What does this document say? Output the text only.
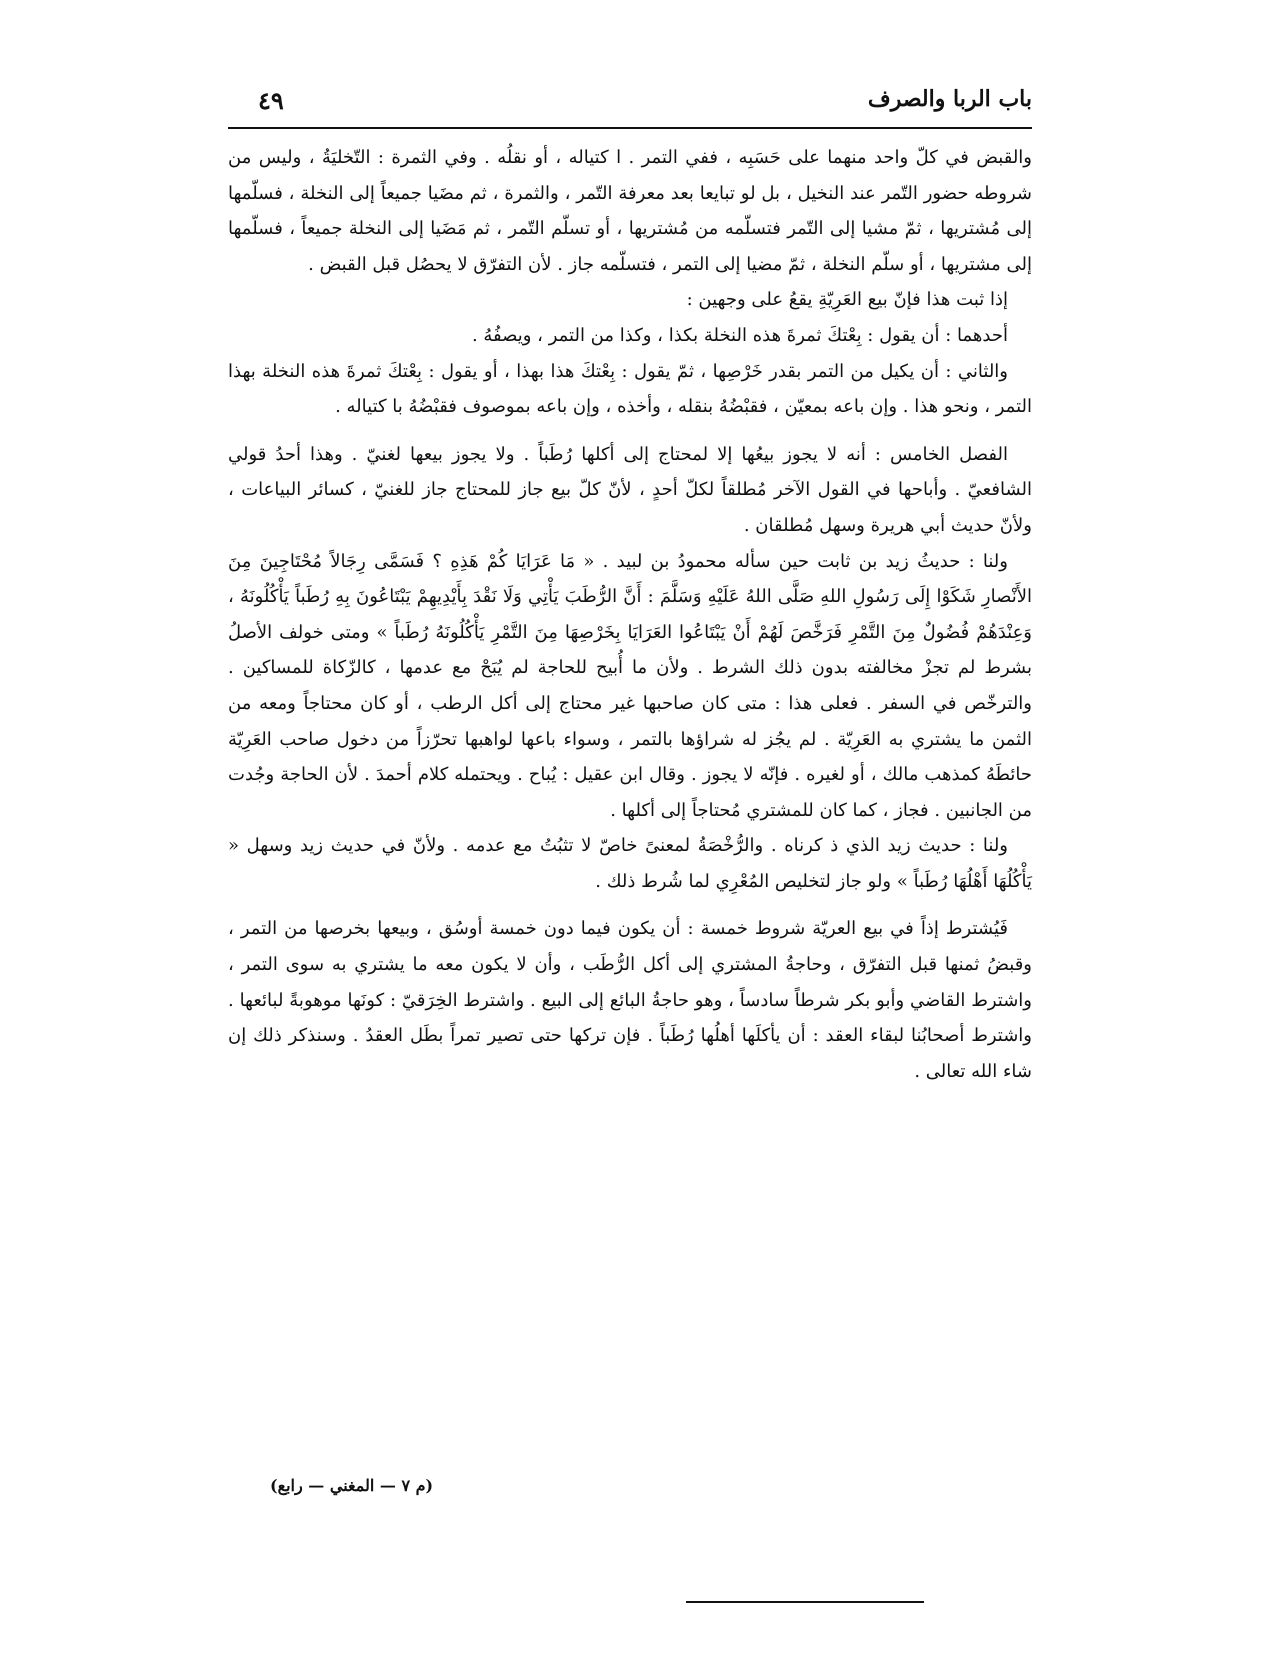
باب الربا والصرف
٤٩

والقبض في كلّ واحد منهما على حَسَبِه ، ففي التمر . ا كتياله ، أو نقلُه . وفي الثمرة : التّخليَةُ ، وليس من شروطه حضور التّمر عند النخيل ، بل لو تبايعا بعد معرفة التّمر ، والثمرة ، ثم مضَيا جميعاً إلى النخلة ، فسلّمها إلى مُشتريها ، ثمّ مشيا إلى التّمر فتسلّمه من مُشتريها ، أو تسلّم التّمر ، ثم مَضَيا إلى النخلة جميعاً ، فسلّمها إلى مشتريها ، أو سلّم النخلة ، ثمّ مضيا إلى التمر ، فتسلّمه جاز . لأن التفرّق لا يحصُل قبل القبض .

إذا ثبت هذا فإنّ بيع العَرِيّةِ يقعُ على وجهين :

أحدهما : أن يقول : بِعْتكَ ثمرةَ هذه النخلة بكذا ، وكذا من التمر ، ويصفُهُ .

والثاني : أن يكيل من التمر بقدر خَرْصِها ، ثمّ يقول : بِعْتكَ هذا بهذا ، أو يقول : بِعْتكَ ثمرةَ هذه النخلة بهذا التمر ، ونحو هذا . وإن باعه بمعيّن ، فقبْضُهُ بنقله ، وأخذه ، وإن باعه بموصوف فقبْضُهُ با كتياله .

الفصل الخامس : أنه لا يجوز بيعُها إلا لمحتاج إلى أكلها رُطَباً . ولا يجوز بيعها لغنيّ . وهذا أحدُ قولي الشافعيّ . وأباحها في القول الآخر مُطلقاً لكلّ أحدٍ ، لأنّ كلّ بيع جاز للمحتاج جاز للغنيّ ، كسائر البياعات ، ولأنّ حديث أبي هريرة وسهل مُطلقان .

ولنا : حديثُ زيد بن ثابت حين سأله محمودُ بن لبيد . « مَا عَرَايَا كُمْ هَذِهِ ؟ فَسَمَّى رِجَالاً مُحْتَاجِينَ مِنَ الأَنْصارِ شَكَوْا إِلَى رَسُولِ اللهِ صَلَّى اللهُ عَلَيْهِ وَسَلَّمَ : أَنَّ الرُّطَبَ يَأْتِي وَلَا نَقْدَ بِأَيْدِيهِمْ يَبْتَاعُونَ بِهِ رُطَباً يَأْكُلُونَهُ ، وَعِنْدَهُمْ فُضُولٌ مِنَ التَّمْرِ فَرَخَّصَ لَهُمْ أَنْ يَبْتَاعُوا العَرَايَا بِخَرْصِهَا مِنَ التَّمْرِ يَأْكُلُونَهُ رُطَباً » ومتى خولف الأصلُ بشرط لم تجزْ مخالفته بدون ذلك الشرط . ولأن ما أُبيح للحاجة لم يُبَحْ مع عدمها ، كالزّكاة للمساكين . والترخّص في السفر . فعلى هذا : متى كان صاحبها غير محتاج إلى أكل الرطب ، أو كان محتاجاً ومعه من الثمن ما يشتري به العَرِيّة . لم يجُز له شراؤها بالتمر ، وسواء باعها لواهبها تحرّزاً من دخول صاحب العَرِيّة حائطَهُ كمذهب مالك ، أو لغيره . فإنّه لا يجوز . وقال ابن عقيل : يُباح . ويحتمله كلام أحمدَ . لأن الحاجة وجُدت من الجانبين . فجاز ، كما كان للمشتري مُحتاجاً إلى أكلها .

ولنا : حديث زيد الذي ذ كرناه . والرُّخْصَةُ لمعنىً خاصّ لا تثبُتُ مع عدمه . ولأنّ في حديث زيد وسهل « يَأْكُلُهَا أَهْلُهَا رُطَباً » ولو جاز لتخليص المُعْرِي لما شُرط ذلك .

فَيُشترط إذاً في بيع العريّة شروط خمسة : أن يكون فيما دون خمسة أوسُق ، وبيعها بخرصها من التمر ، وقبضُ ثمنها قبل التفرّق ، وحاجةُ المشتري إلى أكل الرُّطَب ، وأن لا يكون معه ما يشتري به سوى التمر ، واشترط القاضي وأبو بكر شرطاً سادساً ، وهو حاجةُ البائع إلى البيع . واشترط الخِرَقيّ : كونَها موهوبةً لبائعها . واشترط أصحابُنا لبقاء العقد : أن يأكلَها أهلُها رُطَباً . فإن تركها حتى تصير تمراً بطَل العقدُ . وسنذكر ذلك إن شاء الله تعالى .

(م ٧ — المغني — رابع)
